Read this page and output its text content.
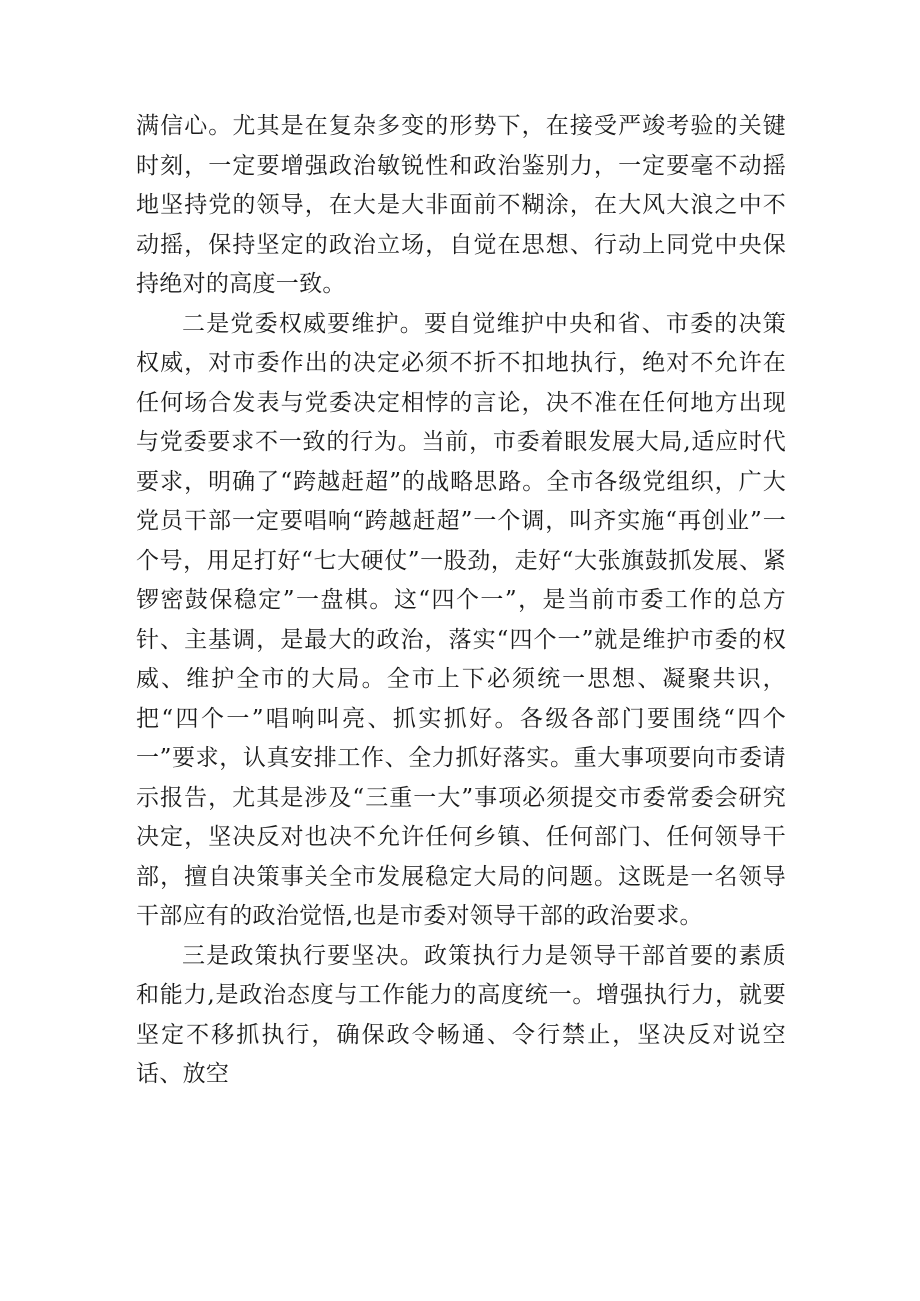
满信心。尤其是在复杂多变的形势下，在接受严竣考验的关键时刻，一定要增强政治敏锐性和政治鉴别力，一定要毫不动摇地坚持党的领导，在大是大非面前不糊涂，在大风大浪之中不动摇，保持坚定的政治立场，自觉在思想、行动上同党中央保持绝对的高度一致。

二是党委权威要维护。要自觉维护中央和省、市委的决策权威，对市委作出的决定必须不折不扣地执行，绝对不允许在任何场合发表与党委决定相悖的言论，决不准在任何地方出现与党委要求不一致的行为。当前，市委着眼发展大局,适应时代要求，明确了“跨越赶超”的战略思路。全市各级党组织，广大党员干部一定要唱响“跨越赶超”一个调，叫齐实施“再创业”一个号，用足打好“七大硬仗”一股劲，走好“大张旗鼓抓发展、紧锣密鼓保稳定”一盘棋。这“四个一”，是当前市委工作的总方针、主基调，是最大的政治，落实“四个一”就是维护市委的权威、维护全市的大局。全市上下必须统一思想、凝聚共识，把“四个一”唱响叫亮、抓实抓好。各级各部门要围绕“四个一”要求，认真安排工作、全力抓好落实。重大事项要向市委请示报告，尤其是涉及“三重一大”事项必须提交市委常委会研究决定，坚决反对也决不允许任何乡镇、任何部门、任何领导干部，擅自决策事关全市发展稳定大局的问题。这既是一名领导干部应有的政治觉悟,也是市委对领导干部的政治要求。

三是政策执行要坚决。政策执行力是领导干部首要的素质和能力,是政治态度与工作能力的高度统一。增强执行力，就要坚定不移抓执行，确保政令畅通、令行禁止，坚决反对说空话、放空
